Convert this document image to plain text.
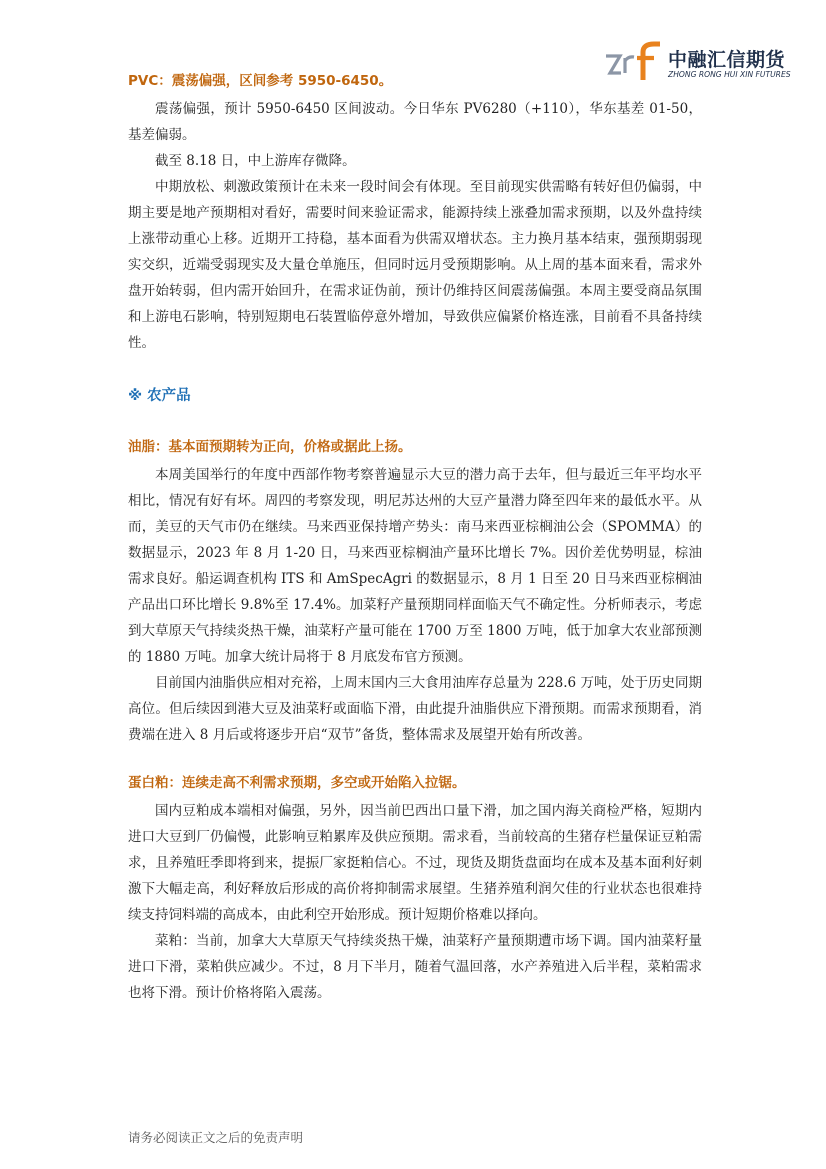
中融汇信期货
ZHONG RONG HUI XIN FUTURES

PVC：震荡偏强，区间参考 5950-6450。

震荡偏强，预计 5950-6450 区间波动。今日华东 PV6280（+110），华东基差 01-50，基差偏弱。

截至 8.18 日，中上游库存微降。

中期放松、刺激政策预计在未来一段时间会有体现。至目前现实供需略有转好但仍偏弱，中期主要是地产预期相对看好，需要时间来验证需求，能源持续上涨叠加需求预期，以及外盘持续上涨带动重心上移。近期开工持稳，基本面看为供需双增状态。主力换月基本结束，强预期弱现实交织，近端受弱现实及大量仓单施压，但同时远月受预期影响。从上周的基本面来看，需求外盘开始转弱，但内需开始回升，在需求证伪前，预计仍维持区间震荡偏强。本周主要受商品氛围和上游电石影响，特别短期电石装置临停意外增加，导致供应偏紧价格连涨，目前看不具备持续性。

※ 农产品

油脂：基本面预期转为正向，价格或据此上扬。

本周美国举行的年度中西部作物考察普遍显示大豆的潜力高于去年，但与最近三年平均水平相比，情况有好有坏。周四的考察发现，明尼苏达州的大豆产量潜力降至四年来的最低水平。从而，美豆的天气市仍在继续。马来西亚保持增产势头：南马来西亚棕榈油公会（SPOMMA）的数据显示，2023 年 8 月 1-20 日，马来西亚棕榈油产量环比增长 7%。因价差优势明显，棕油需求良好。船运调查机构 ITS 和 AmSpecAgri 的数据显示，8 月 1 日至 20 日马来西亚棕榈油产品出口环比增长 9.8%至 17.4%。加菜籽产量预期同样面临天气不确定性。分析师表示，考虑到大草原天气持续炎热干燥，油菜籽产量可能在 1700 万至 1800 万吨，低于加拿大农业部预测的 1880 万吨。加拿大统计局将于 8 月底发布官方预测。

目前国内油脂供应相对充裕，上周末国内三大食用油库存总量为 228.6 万吨，处于历史同期高位。但后续因到港大豆及油菜籽或面临下滑，由此提升油脂供应下滑预期。而需求预期看，消费端在进入 8 月后或将逐步开启“双节”备货，整体需求及展望开始有所改善。

蛋白粕：连续走高不利需求预期，多空或开始陷入拉锯。

国内豆粕成本端相对偏强，另外，因当前巴西出口量下滑，加之国内海关商检严格，短期内进口大豆到厂仍偏慢，此影响豆粕累库及供应预期。需求看，当前较高的生猪存栏量保证豆粕需求，且养殖旺季即将到来，提振厂家挺粕信心。不过，现货及期货盘面均在成本及基本面利好刺激下大幅走高，利好释放后形成的高价将抑制需求展望。生猪养殖利润欠佳的行业状态也很难持续支持饲料端的高成本，由此利空开始形成。预计短期价格难以择向。

菜粕：当前，加拿大大草原天气持续炎热干燥，油菜籽产量预期遭市场下调。国内油菜籽量进口下滑，菜粕供应减少。不过，8 月下半月，随着气温回落，水产养殖进入后半程，菜粕需求也将下滑。预计价格将陷入震荡。

请务必阅读正文之后的免责声明
